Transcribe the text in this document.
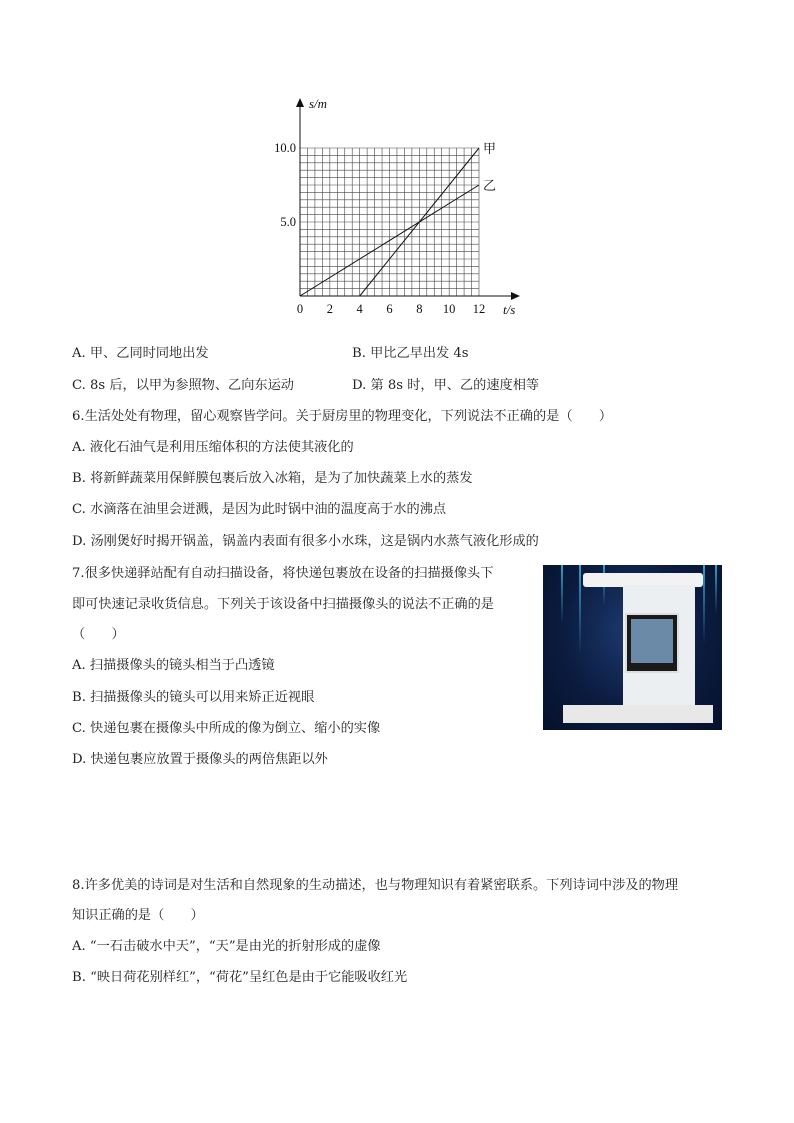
s/m
t/s
10.0
5.0
0 2 4 6 8 10 12
甲
乙
A. 甲、乙同时同地出发	B. 甲比乙早出发 4s
C. 8s 后，以甲为参照物、乙向东运动	D. 第 8s 时，甲、乙的速度相等
6.生活处处有物理，留心观察皆学问。关于厨房里的物理变化，下列说法不正确的是（　　）
A. 液化石油气是利用压缩体积的方法使其液化的
B. 将新鲜蔬菜用保鲜膜包裹后放入冰箱，是为了加快蔬菜上水的蒸发
C. 水滴落在油里会迸溅，是因为此时锅中油的温度高于水的沸点
D. 汤刚煲好时揭开锅盖，锅盖内表面有很多小水珠，这是锅内水蒸气液化形成的
7.很多快递驿站配有自动扫描设备，将快递包裹放在设备的扫描摄像头下
即可快速记录收货信息。下列关于该设备中扫描摄像头的说法不正确的是
（　　）
A. 扫描摄像头的镜头相当于凸透镜
B. 扫描摄像头的镜头可以用来矫正近视眼
C. 快递包裹在摄像头中所成的像为倒立、缩小的实像
D. 快递包裹应放置于摄像头的两倍焦距以外
8.许多优美的诗词是对生活和自然现象的生动描述，也与物理知识有着紧密联系。下列诗词中涉及的物理
知识正确的是（　　）
A. “一石击破水中天”，“天”是由光的折射形成的虚像
B. “映日荷花别样红”，“荷花”呈红色是由于它能吸收红光
